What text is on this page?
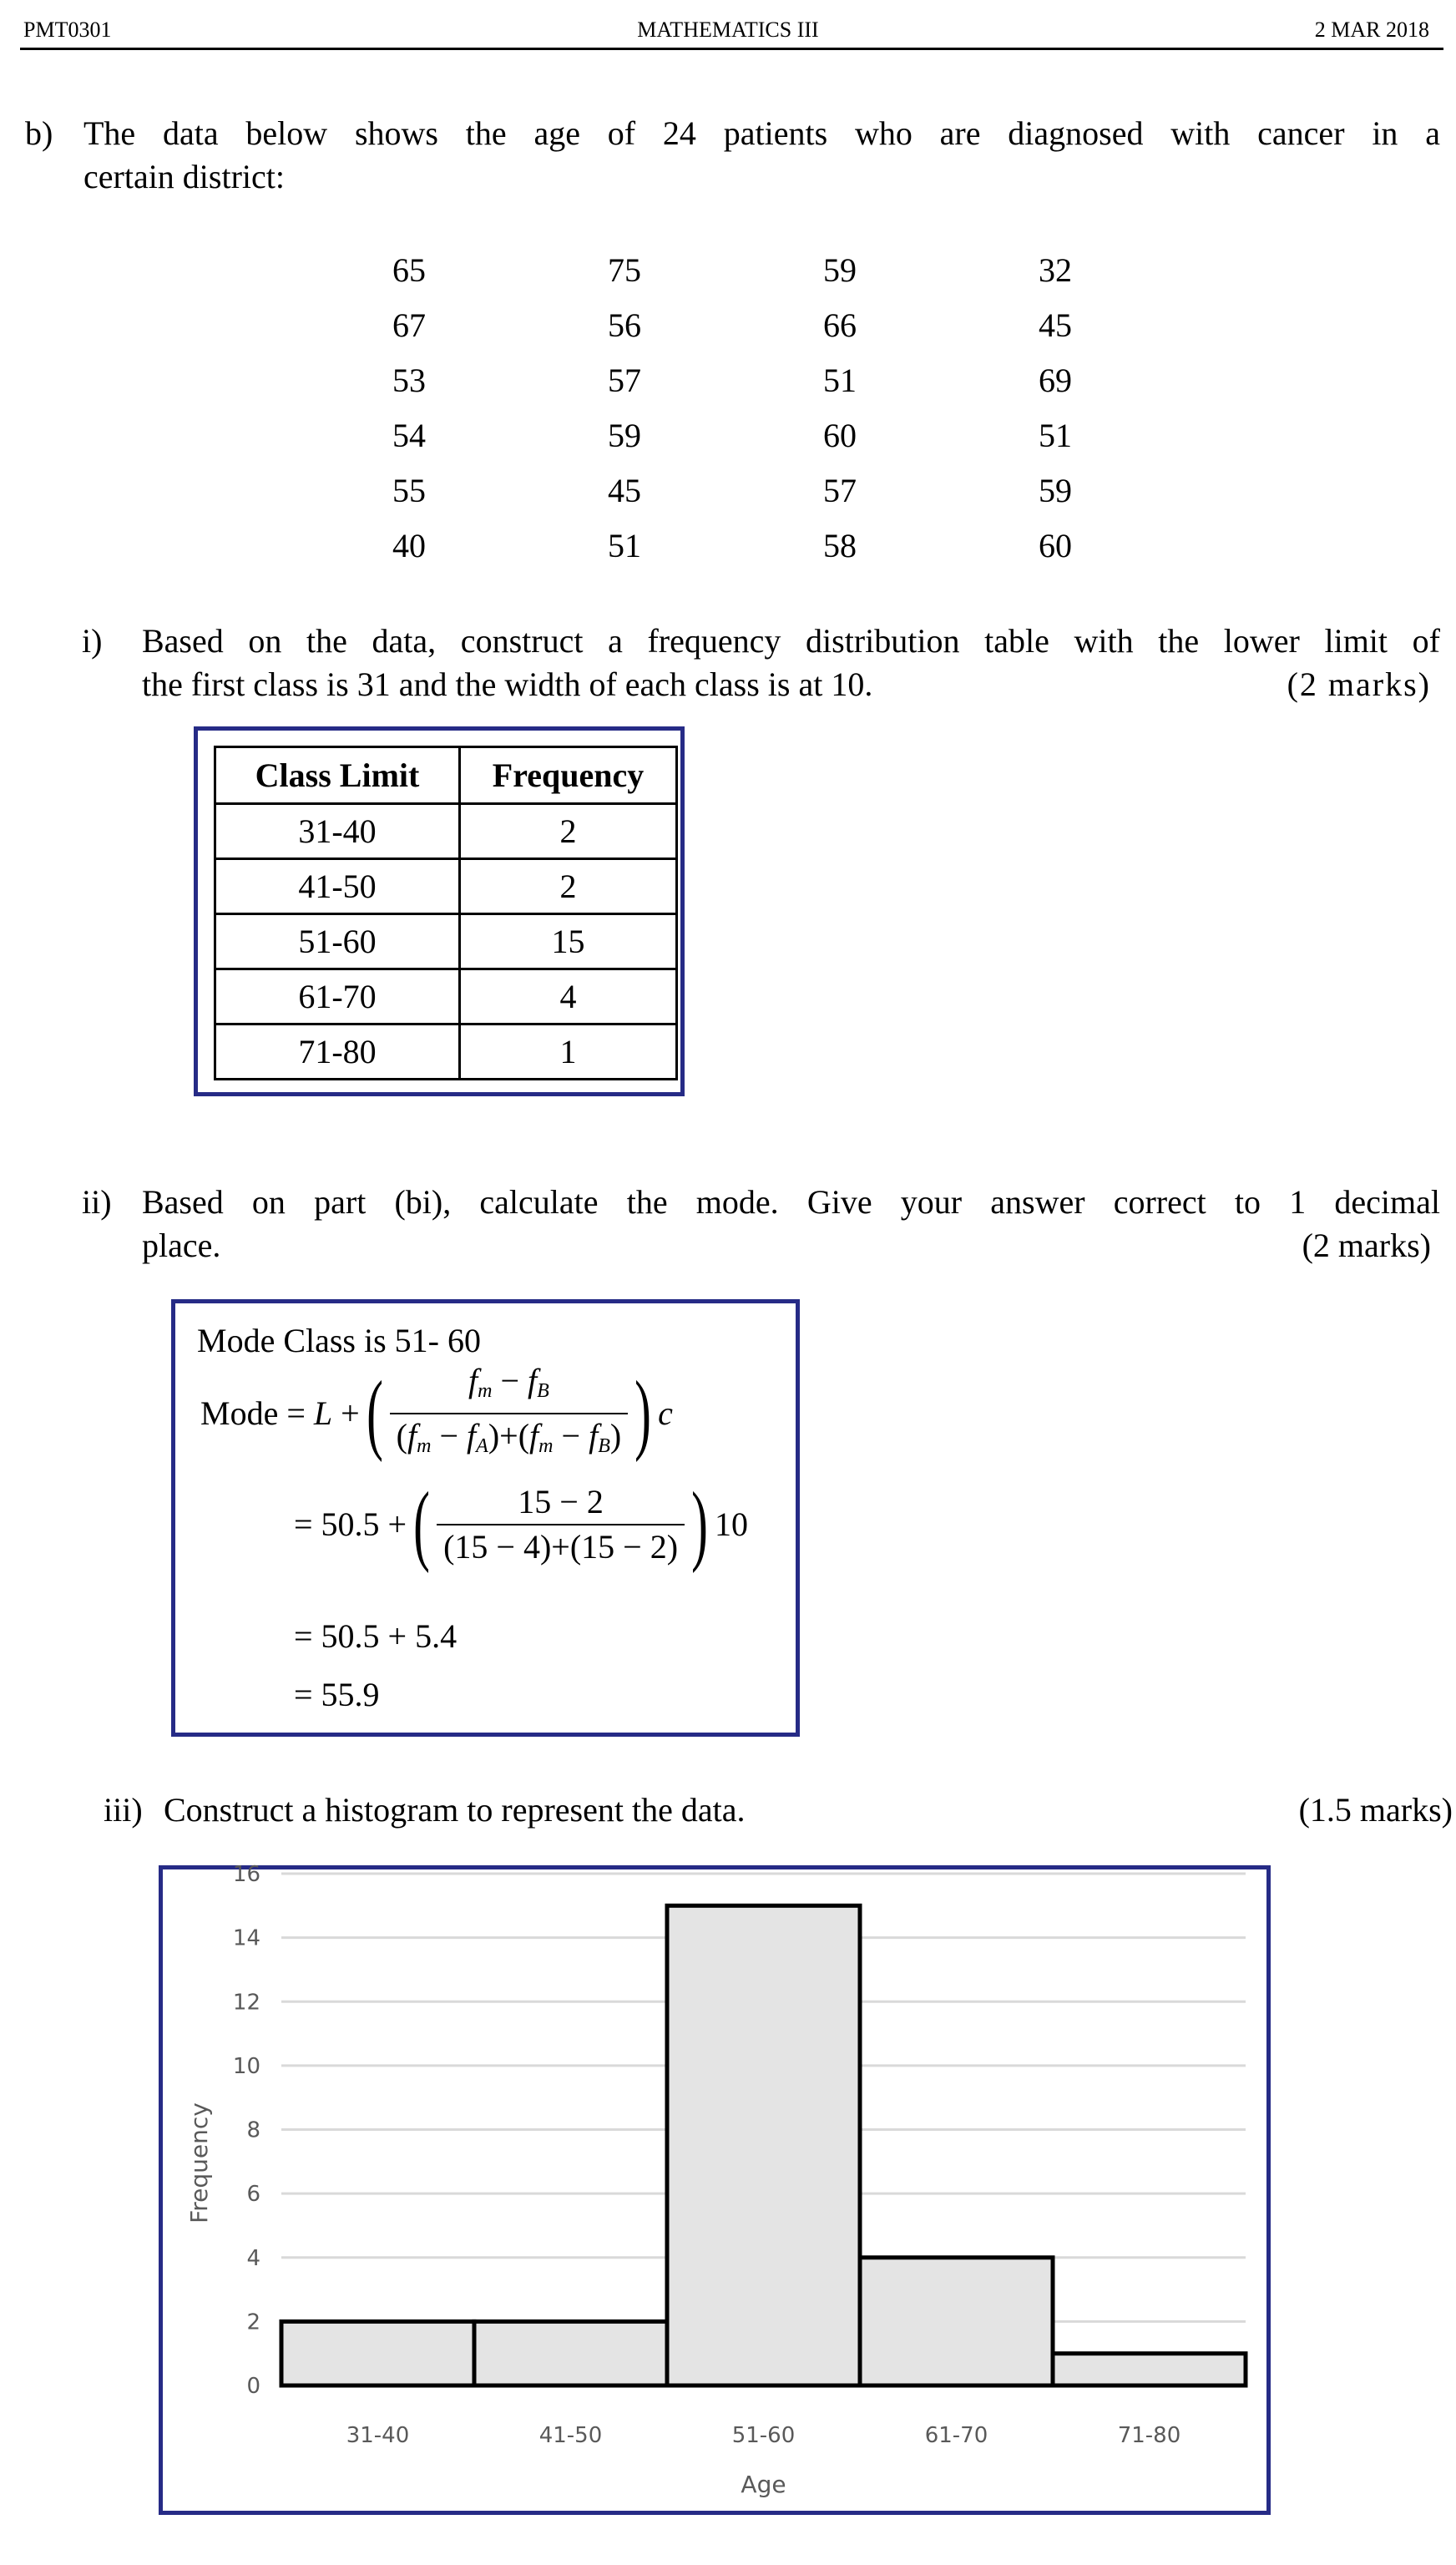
PMT0301	MATHEMATICS III	2 MAR 2018
b) The data below shows the age of 24 patients who are diagnosed with cancer in a
certain district:
65	75	59	32
67	56	66	45
53	57	51	69
54	59	60	51
55	45	57	59
40	51	58	60
i) Based on the data, construct a frequency distribution table with the lower limit of
the first class is 31 and the width of each class is at 10.	(2 marks)
Class Limit	Frequency
31-40	2
41-50	2
51-60	15
61-70	4
71-80	1
ii) Based on part (bi), calculate the mode. Give your answer correct to 1 decimal
place.	(2 marks)
Mode Class is 51- 60
Mode = L +( $\frac{f_m - f_B}{(f_m - f_A)+(f_m - f_B)}$ ) c
= 50.5 +( $\frac{15 - 2}{(15 - 4)+(15 - 2)}$ ) 10
= 50.5 + 5.4
= 55.9
iii) Construct a histogram to represent the data.	(1.5 marks)
0
2
4
6
8
10
12
14
16
31-40	41-50	51-60	61-70	71-80
Age
Frequency
